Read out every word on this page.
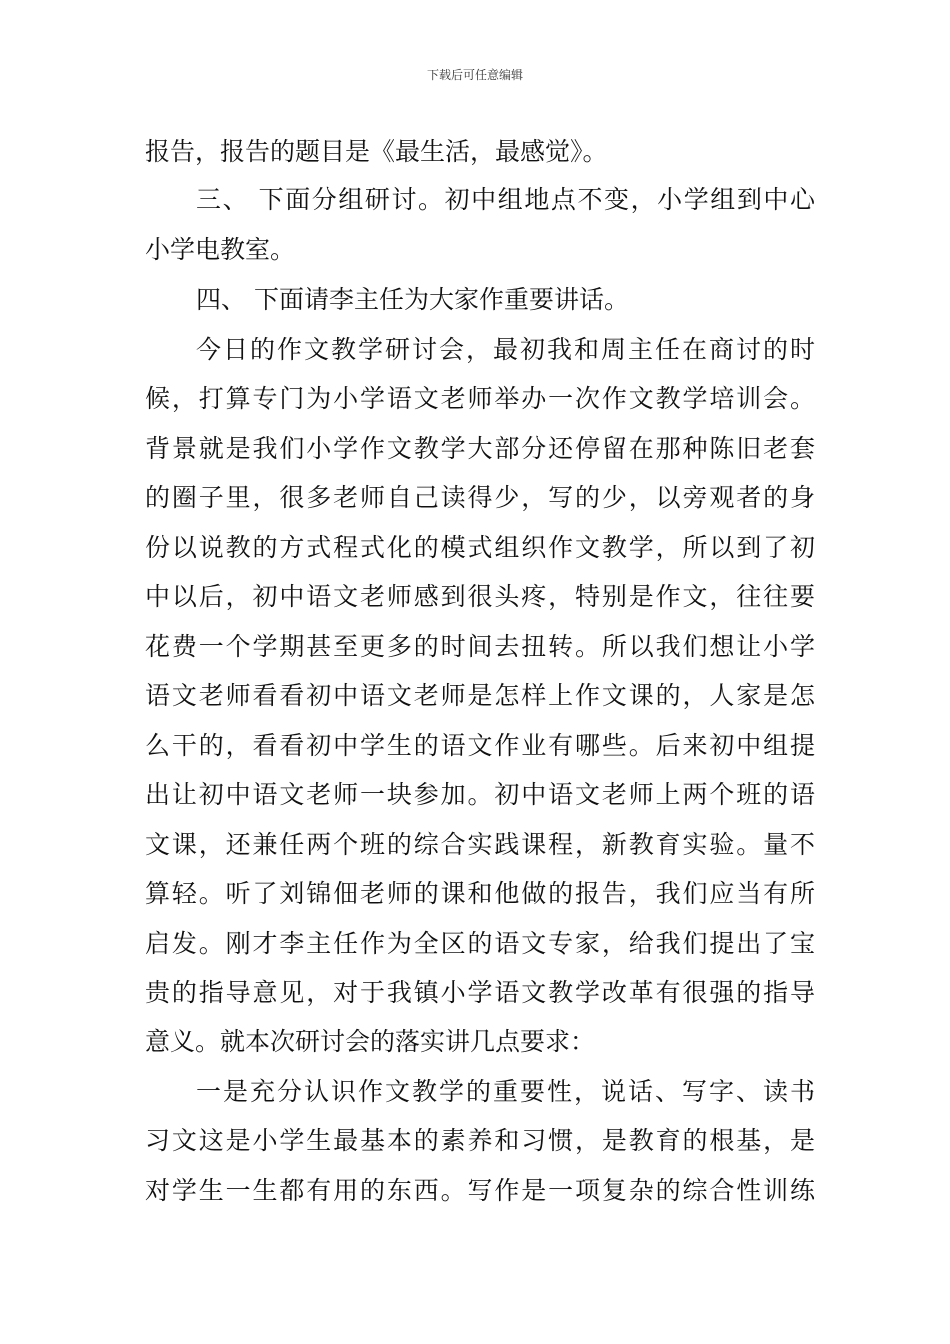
下载后可任意编辑
报告，报告的题目是《最生活，最感觉》。
三、 下面分组研讨。初中组地点不变，小学组到中心
小学电教室。
四、 下面请李主任为大家作重要讲话。
今日的作文教学研讨会，最初我和周主任在商讨的时
候，打算专门为小学语文老师举办一次作文教学培训会。
背景就是我们小学作文教学大部分还停留在那种陈旧老套
的圈子里，很多老师自己读得少，写的少，以旁观者的身
份以说教的方式程式化的模式组织作文教学，所以到了初
中以后，初中语文老师感到很头疼，特别是作文，往往要
花费一个学期甚至更多的时间去扭转。所以我们想让小学
语文老师看看初中语文老师是怎样上作文课的，人家是怎
么干的，看看初中学生的语文作业有哪些。后来初中组提
出让初中语文老师一块参加。初中语文老师上两个班的语
文课，还兼任两个班的综合实践课程，新教育实验。量不
算轻。听了刘锦佃老师的课和他做的报告，我们应当有所
启发。刚才李主任作为全区的语文专家，给我们提出了宝
贵的指导意见，对于我镇小学语文教学改革有很强的指导
意义。就本次研讨会的落实讲几点要求：
一是充分认识作文教学的重要性，说话、写字、读书
习文这是小学生最基本的素养和习惯，是教育的根基，是
对学生一生都有用的东西。写作是一项复杂的综合性训练
